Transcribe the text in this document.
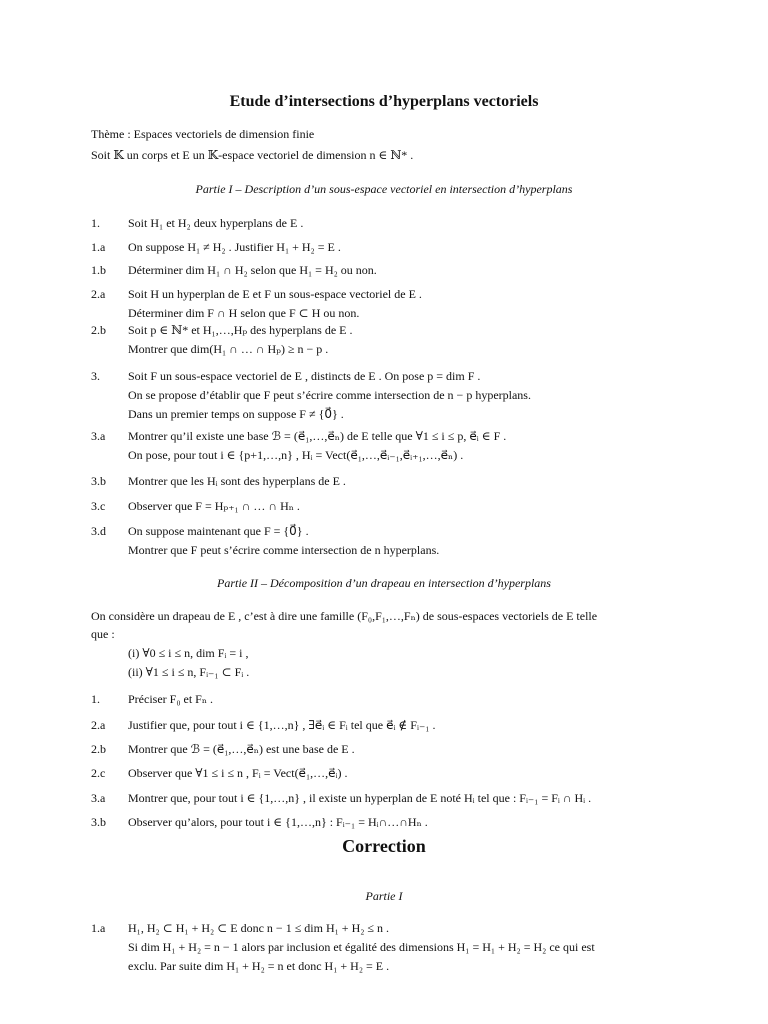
Etude d’intersections d’hyperplans vectoriels
Thème : Espaces vectoriels de dimension finie
Soit 𝕂 un corps et E un 𝕂-espace vectoriel de dimension n ∈ ℕ* .
Partie I – Description d’un sous-espace vectoriel en intersection d’hyperplans
1. Soit H₁ et H₂ deux hyperplans de E .
1.a On suppose H₁ ≠ H₂ . Justifier H₁ + H₂ = E .
1.b Déterminer dim H₁ ∩ H₂ selon que H₁ = H₂ ou non.
2.a Soit H un hyperplan de E et F un sous-espace vectoriel de E .
Déterminer dim F ∩ H selon que F ⊂ H ou non.
2.b Soit p ∈ ℕ* et H₁,…,Hₚ des hyperplans de E .
Montrer que dim(H₁ ∩ … ∩ Hₚ) ≥ n − p .
3. Soit F un sous-espace vectoriel de E , distincts de E . On pose p = dim F .
On se propose d’établir que F peut s’écrire comme intersection de n − p hyperplans.
Dans un premier temps on suppose F ≠ {0⃗} .
3.a Montrer qu’il existe une base ℬ = (e⃗₁,…,e⃗ₙ) de E telle que ∀1 ≤ i ≤ p, e⃗ᵢ ∈ F .
On pose, pour tout i ∈ {p+1,…,n} , Hᵢ = Vect(e⃗₁,…,e⃗ᵢ₋₁,e⃗ᵢ₊₁,…,e⃗ₙ) .
3.b Montrer que les Hᵢ sont des hyperplans de E .
3.c Observer que F = Hₚ₊₁ ∩ … ∩ Hₙ .
3.d On suppose maintenant que F = {0⃗} .
Montrer que F peut s’écrire comme intersection de n hyperplans.
Partie II – Décomposition d’un drapeau en intersection d’hyperplans
On considère un drapeau de E , c’est à dire une famille (F₀,F₁,…,Fₙ) de sous-espaces vectoriels de E telle
que :
(i) ∀0 ≤ i ≤ n, dim Fᵢ = i ,
(ii) ∀1 ≤ i ≤ n, Fᵢ₋₁ ⊂ Fᵢ .
1. Préciser F₀ et Fₙ .
2.a Justifier que, pour tout i ∈ {1,…,n} , ∃e⃗ᵢ ∈ Fᵢ tel que e⃗ᵢ ∉ Fᵢ₋₁ .
2.b Montrer que ℬ = (e⃗₁,…,e⃗ₙ) est une base de E .
2.c Observer que ∀1 ≤ i ≤ n , Fᵢ = Vect(e⃗₁,…,e⃗ᵢ) .
3.a Montrer que, pour tout i ∈ {1,…,n} , il existe un hyperplan de E noté Hᵢ tel que : Fᵢ₋₁ = Fᵢ ∩ Hᵢ .
3.b Observer qu’alors, pour tout i ∈ {1,…,n} : Fᵢ₋₁ = Hᵢ∩…∩Hₙ .
Correction
Partie I
1.a H₁, H₂ ⊂ H₁ + H₂ ⊂ E donc n − 1 ≤ dim H₁ + H₂ ≤ n .
Si dim H₁ + H₂ = n − 1 alors par inclusion et égalité des dimensions H₁ = H₁ + H₂ = H₂ ce qui est
exclu. Par suite dim H₁ + H₂ = n et donc H₁ + H₂ = E .
